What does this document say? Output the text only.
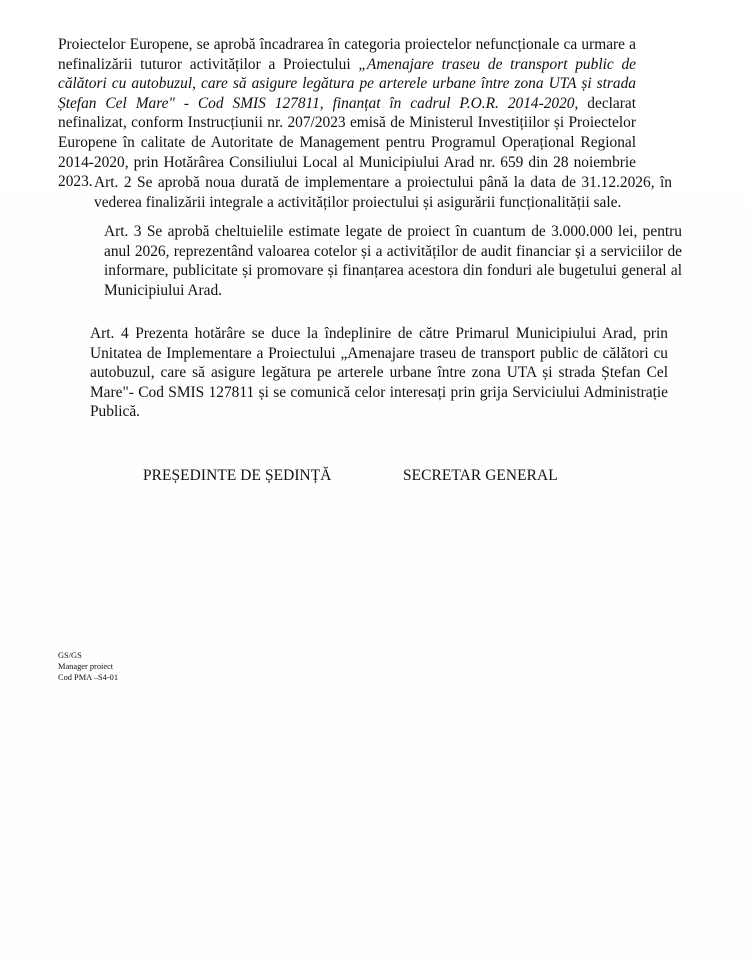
Proiectelor Europene, se aprobă încadrarea în categoria proiectelor nefuncționale ca urmare a nefinalizării tuturor activităților a Proiectului „Amenajare traseu de transport public de călători cu autobuzul, care să asigure legătura pe arterele urbane între zona UTA și strada Ștefan Cel Mare" - Cod SMIS 127811, finanțat în cadrul P.O.R. 2014-2020, declarat nefinalizat, conform Instrucțiunii nr. 207/2023 emisă de Ministerul Investițiilor și Proiectelor Europene în calitate de Autoritate de Management pentru Programul Operațional Regional 2014-2020, prin Hotărârea Consiliului Local al Municipiului Arad nr. 659 din 28 noiembrie 2023. Art. 2 Se aprobă noua durată de implementare a proiectului până la data de 31.12.2026, în vederea finalizării integrale a activităților proiectului și asigurării funcționalității sale.

Art. 3 Se aprobă cheltuielile estimate legate de proiect în cuantum de 3.000.000 lei, pentru anul 2026, reprezentând valoarea cotelor și a activităților de audit financiar și a serviciilor de informare, publicitate și promovare și finanțarea acestora din fonduri ale bugetului general al Municipiului Arad.

Art. 4 Prezenta hotărâre se duce la îndeplinire de către Primarul Municipiului Arad, prin Unitatea de Implementare a Proiectului „Amenajare traseu de transport public de călători cu autobuzul, care să asigure legătura pe arterele urbane între zona UTA și strada Ștefan Cel Mare"- Cod SMIS 127811 și se comunică celor interesați prin grija Serviciului Administrație Publică.

PREȘEDINTE DE ȘEDINȚĂ	SECRETAR GENERAL
GS/GS
Manager proiect
Cod PMA –S4-01
